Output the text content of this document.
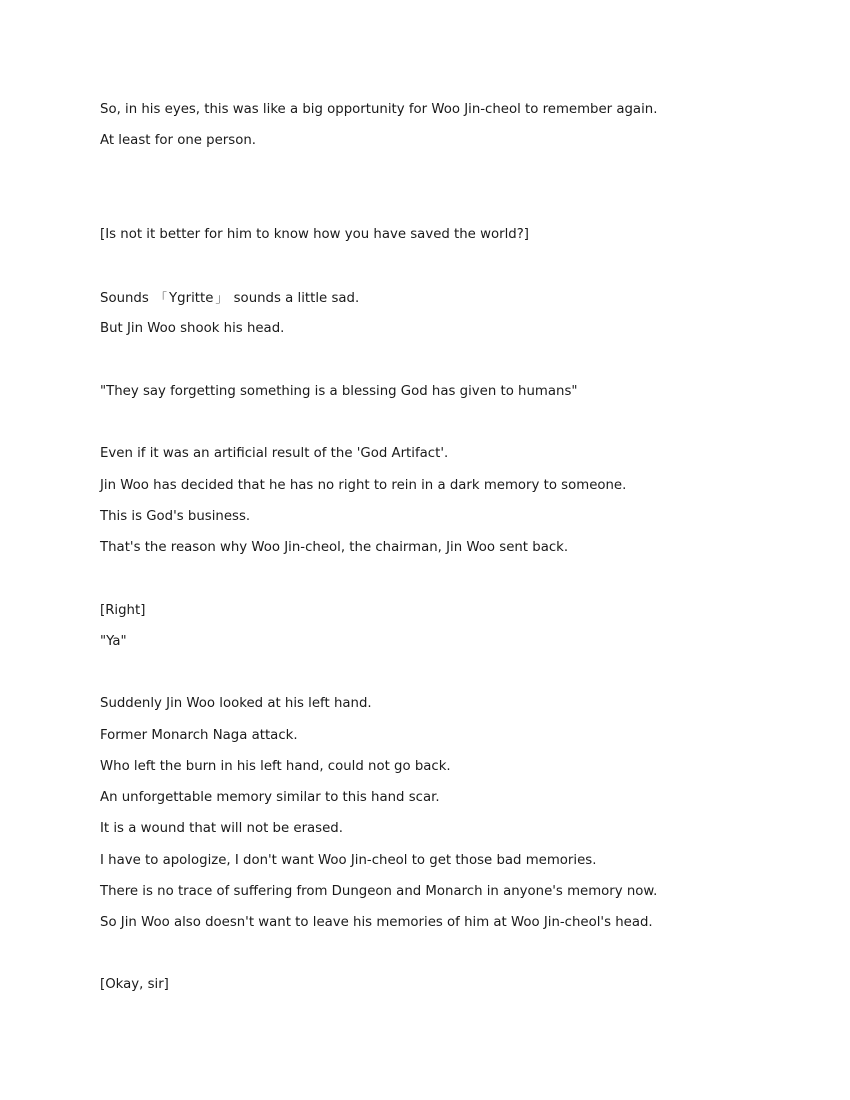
So, in his eyes, this was like a big opportunity for Woo Jin-cheol to remember again.

At least for one person.

[Is not it better for him to know how you have saved the world?]

Sounds 「 Ygritte 」 sounds a little sad.

But Jin Woo shook his head.

"They say forgetting something is a blessing God has given to humans"

Even if it was an artificial result of the 'God Artifact'.

Jin Woo has decided that he has no right to rein in a dark memory to someone.

This is God's business.

That's the reason why Woo Jin-cheol, the chairman, Jin Woo sent back.

[Right]

"Ya"

Suddenly Jin Woo looked at his left hand.

Former Monarch Naga attack.

Who left the burn in his left hand, could not go back.

An unforgettable memory similar to this hand scar.

It is a wound that will not be erased.

I have to apologize, I don't want Woo Jin-cheol to get those bad memories.

There is no trace of suffering from Dungeon and Monarch in anyone's memory now.

So Jin Woo also doesn't want to leave his memories of him at Woo Jin-cheol's head.

[Okay, sir]
